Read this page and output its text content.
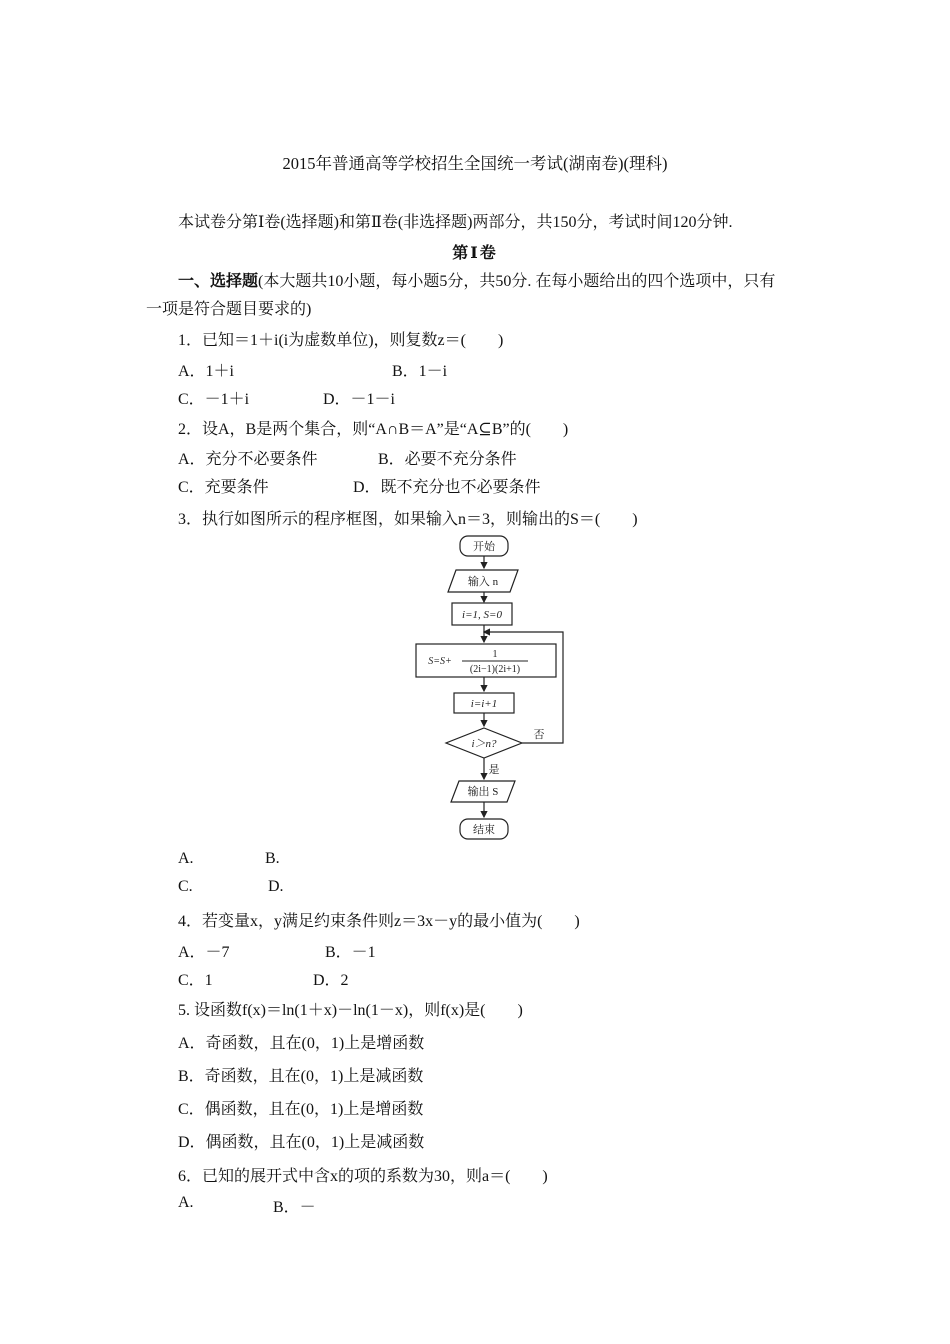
2015年普通高等学校招生全国统一考试(湖南卷)(理科)
本试卷分第Ⅰ卷(选择题)和第Ⅱ卷(非选择题)两部分，共150分，考试时间120分钟.
第Ⅰ卷
一、选择题(本大题共10小题，每小题5分，共50分. 在每小题给出的四个选项中，只有
一项是符合题目要求的)
1．已知＝1＋i(i为虚数单位)，则复数z＝(　　)
A．1＋i	B．1－i
C．－1＋i	D．－1－i
2．设A，B是两个集合，则“A∩B＝A”是“A⊆B”的(　　)
A．充分不必要条件	B．必要不充分条件
C．充要条件	D．既不充分也不必要条件
3．执行如图所示的程序框图，如果输入n＝3，则输出的S＝(　　)
开始
输入 n
i=1, S=0
S=S+
1
(2i−1)(2i+1)
i=i+1
i＞n?
否
是
输出 S
结束
A.	B.
C.	D.
4．若变量x，y满足约束条件则z＝3x－y的最小值为(　　)
A．－7	B．－1
C．1	D．2
5. 设函数f(x)＝ln(1＋x)－ln(1－x)，则f(x)是(　　)
A．奇函数，且在(0，1)上是增函数
B．奇函数，且在(0，1)上是减函数
C．偶函数，且在(0，1)上是增函数
D．偶函数，且在(0，1)上是减函数
6．已知的展开式中含x的项的系数为30，则a＝(　　)
A.	B．－
